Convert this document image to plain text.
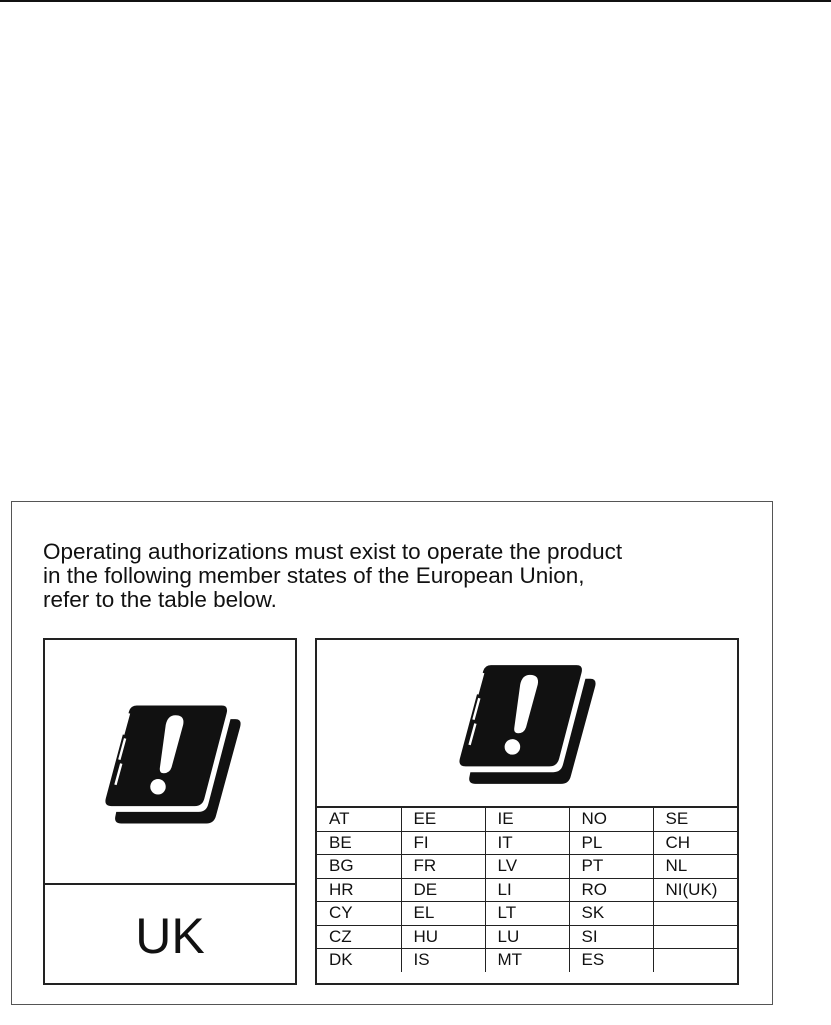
Operating authorizations must exist to operate the product
in the following member states of the European Union,
refer to the table below.

UK
AT	EE	IE	NO	SE
BE	FI	IT	PL	CH
BG	FR	LV	PT	NL
HR	DE	LI	RO	NI(UK)
CY	EL	LT	SK	
CZ	HU	LU	SI	
DK	IS	MT	ES	
